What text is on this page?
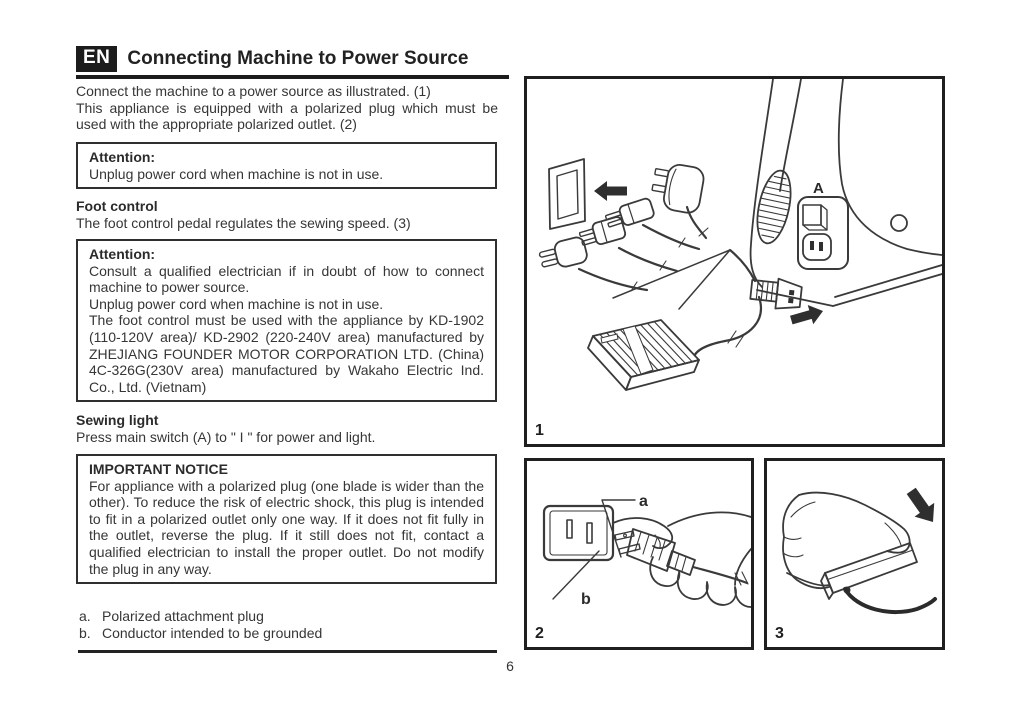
EN Connecting Machine to Power Source

Connect the machine to a power source as illustrated. (1)

This appliance is equipped with a polarized plug which must be used with the appropriate polarized outlet. (2)

Attention:

Unplug power cord when machine is not in use.

Foot control

The foot control pedal regulates the sewing speed. (3)

Attention:

Consult a qualified electrician if in doubt of how to connect machine to power source.

Unplug power cord when machine is not in use.

The foot control must be used with the appliance by KD-1902 (110-120V area)/ KD-2902 (220-240V area) manufactured by ZHEJIANG FOUNDER MOTOR CORPORATION LTD. (China) 4C-326G(230V area) manufactured by Wakaho Electric Ind. Co., Ltd. (Vietnam)

Sewing light

Press main switch (A) to " I " for power and light.

IMPORTANT NOTICE

For appliance with a polarized plug (one blade is wider than the other). To reduce the risk of electric shock, this plug is intended to fit in a polarized outlet only one way. If it does not fit fully in the outlet, reverse the plug. If it still does not fit, contact a qualified electrician to install the proper outlet. Do not modify the plug in any way.

a. Polarized attachment plug
b. Conductor intended to be grounded
6
A
1
a
b
2	3
